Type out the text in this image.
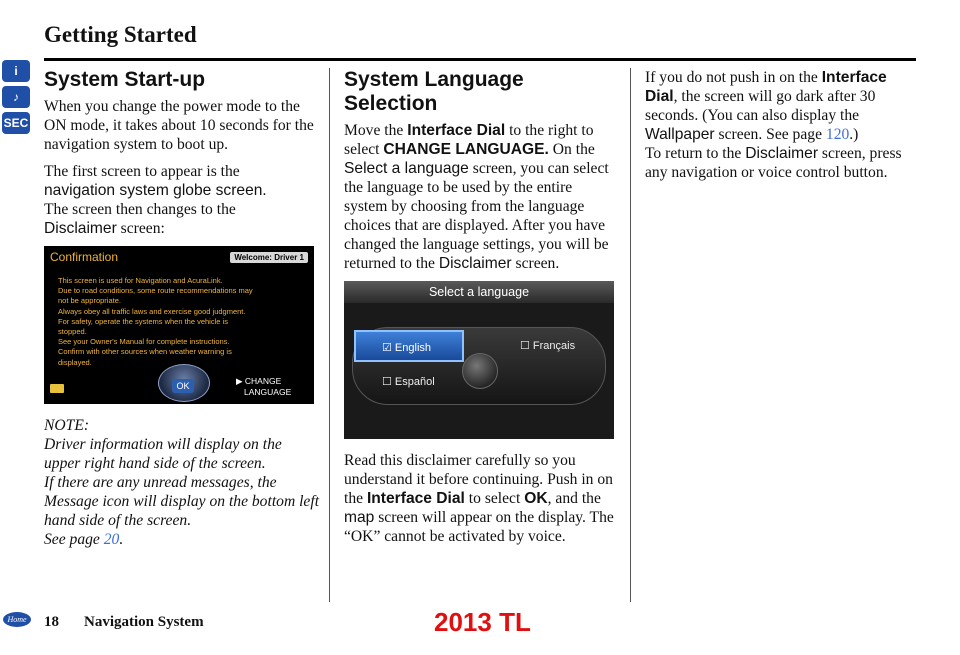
Getting Started
i
♪
SEC
System Start-up

When you change the power mode to the ON mode, it takes about 10 seconds for the navigation system to boot up.

The first screen to appear is the
navigation system globe screen.
The screen then changes to the
Disclaimer screen:

Confirmation	Welcome: Driver 1
This screen is used for Navigation and AcuraLink.
Due to road conditions, some route recommendations may
not be appropriate.
Always obey all traffic laws and exercise good judgment.
For safety, operate the systems when the vehicle is
stopped.
See your Owner's Manual for complete instructions.
Confirm with other sources when weather warning is
displayed.
OK	▶ CHANGE
LANGUAGE

NOTE:
Driver information will display on the upper right hand side of the screen.
If there are any unread messages, the Message icon will display on the bottom left hand side of the screen.
See page 20.

System Language Selection

Move the Interface Dial to the right to select CHANGE LANGUAGE. On the Select a language screen, you can select the language to be used by the entire system by choosing from the language choices that are displayed. After you have changed the language settings, you will be returned to the Disclaimer screen.

Select a language
☑ English	☐ Français
☐ Español

Read this disclaimer carefully so you understand it before continuing. Push in on the Interface Dial to select OK, and the map screen will appear on the display. The “OK” cannot be activated by voice.

If you do not push in on the Interface Dial, the screen will go dark after 30 seconds. (You can also display the Wallpaper screen. See page 120.)
To return to the Disclaimer screen, press any navigation or voice control button.

Home 18 Navigation System	2013 TL
